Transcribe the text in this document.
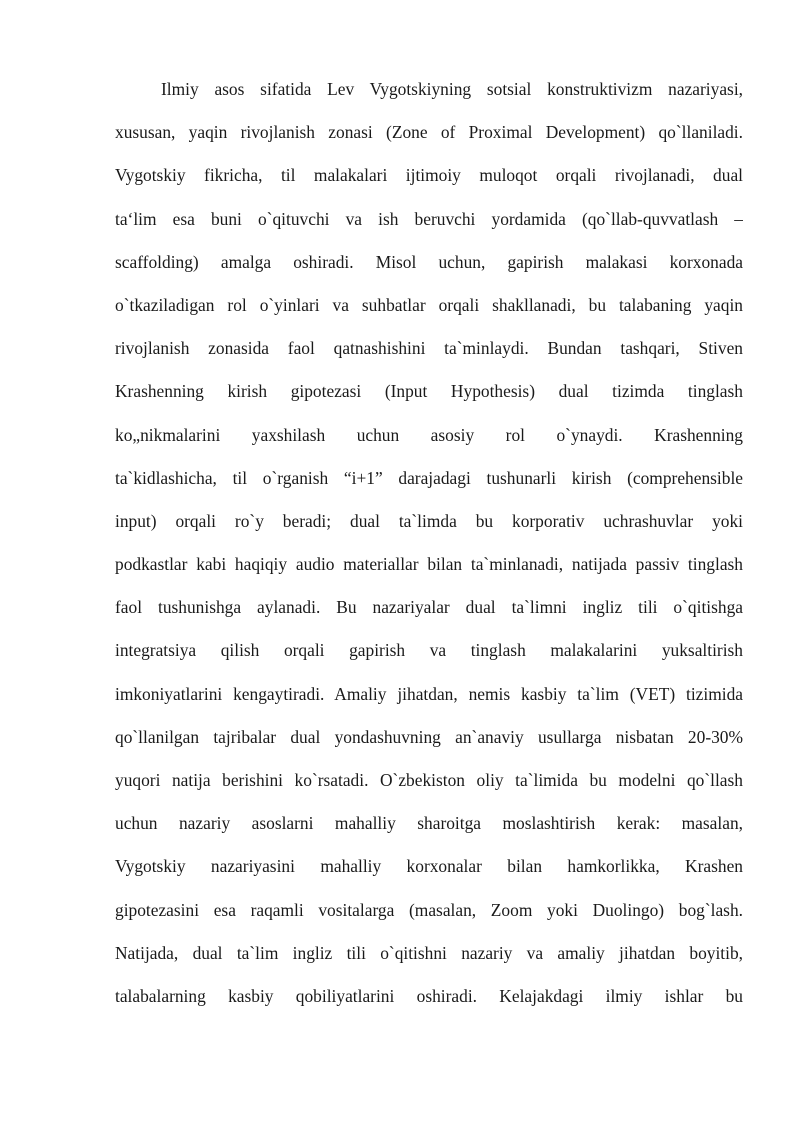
Ilmiy asos sifatida Lev Vygotskiyning sotsial konstruktivizm nazariyasi,
xususan, yaqin rivojlanish zonasi (Zone of Proximal Development) qo`llaniladi.
Vygotskiy fikricha, til malakalari ijtimoiy muloqot orqali rivojlanadi, dual
taʻlim esa buni o`qituvchi va ish beruvchi yordamida (qo`llab-quvvatlash –
scaffolding) amalga oshiradi. Misol uchun, gapirish malakasi korxonada
o`tkaziladigan rol o`yinlari va suhbatlar orqali shakllanadi, bu talabaning yaqin
rivojlanish zonasida faol qatnashishini ta`minlaydi. Bundan tashqari, Stiven
Krashenning kirish gipotezasi (Input Hypothesis) dual tizimda tinglash
ko„nikmalarini yaxshilash uchun asosiy rol o`ynaydi. Krashenning
ta`kidlashicha, til o`rganish “i+1” darajadagi tushunarli kirish (comprehensible
input) orqali ro`y beradi; dual ta`limda bu korporativ uchrashuvlar yoki
podkastlar kabi haqiqiy audio materiallar bilan ta`minlanadi, natijada passiv tinglash
faol tushunishga aylanadi. Bu nazariyalar dual ta`limni ingliz tili o`qitishga
integratsiya qilish orqali gapirish va tinglash malakalarini yuksaltirish
imkoniyatlarini kengaytiradi. Amaliy jihatdan, nemis kasbiy ta`lim (VET) tizimida
qo`llanilgan tajribalar dual yondashuvning an`anaviy usullarga nisbatan 20-30%
yuqori natija berishini ko`rsatadi. O`zbekiston oliy ta`limida bu modelni qo`llash
uchun nazariy asoslarni mahalliy sharoitga moslashtirish kerak: masalan,
Vygotskiy nazariyasini mahalliy korxonalar bilan hamkorlikka, Krashen
gipotezasini esa raqamli vositalarga (masalan, Zoom yoki Duolingo) bog`lash.
Natijada, dual ta`lim ingliz tili o`qitishni nazariy va amaliy jihatdan boyitib,
talabalarning kasbiy qobiliyatlarini oshiradi. Kelajakdagi ilmiy ishlar bu
